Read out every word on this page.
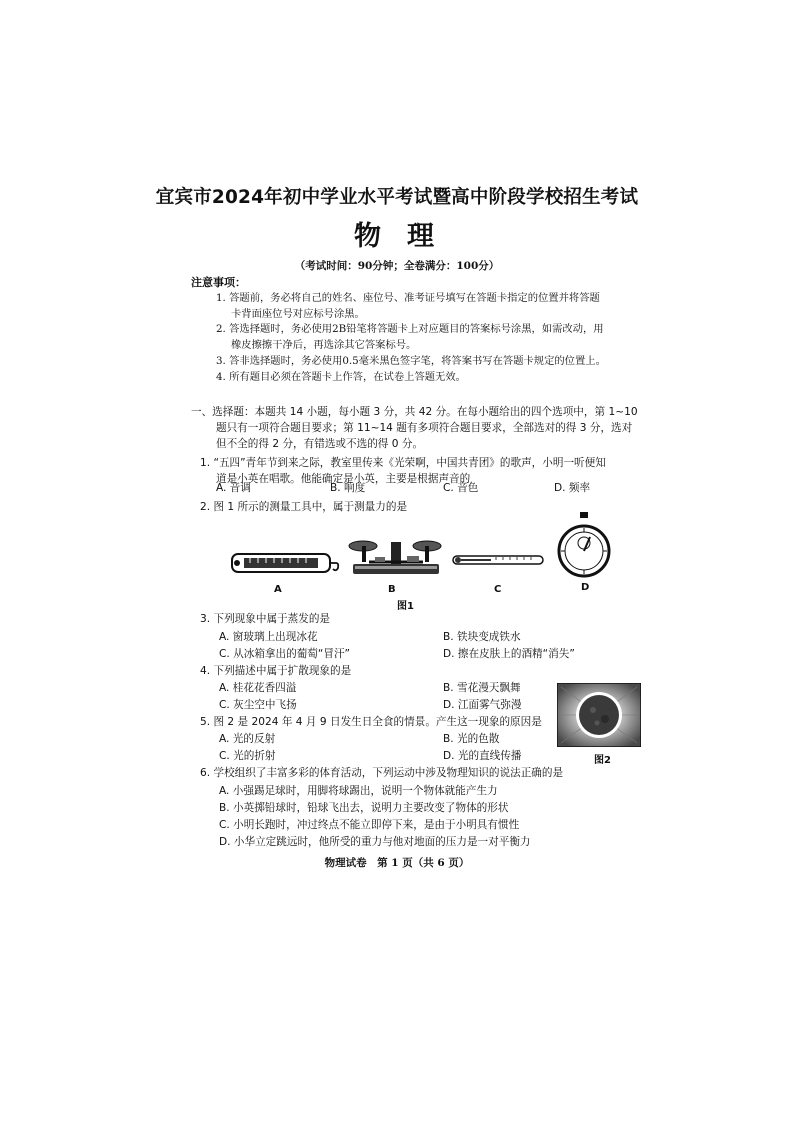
宜宾市2024年初中学业水平考试暨高中阶段学校招生考试
物理
（考试时间：90分钟；全卷满分：100分）
注意事项：
1. 答题前，务必将自己的姓名、座位号、准考证号填写在答题卡指定的位置并将答题
卡背面座位号对应标号涂黑。
2. 答选择题时，务必使用2B铅笔将答题卡上对应题目的答案标号涂黑，如需改动，用
橡皮擦擦干净后，再选涂其它答案标号。
3. 答非选择题时，务必使用0.5毫米黑色签字笔，将答案书写在答题卡规定的位置上。
4. 所有题目必须在答题卡上作答，在试卷上答题无效。
一、选择题：本题共 14 小题，每小题 3 分，共 42 分。在每小题给出的四个选项中，第 1~10
题只有一项符合题目要求；第 11~14 题有多项符合题目要求，全部选对的得 3 分，选对
但不全的得 2 分，有错选或不选的得 0 分。
1. “五四”青年节到来之际，教室里传来《光荣啊，中国共青团》的歌声，小明一听便知
道是小英在唱歌。他能确定是小英，主要是根据声音的
A. 音调	B. 响度	C. 音色	D. 频率
2. 图 1 所示的测量工具中，属于测量力的是
A	B	C	D
图1
3. 下列现象中属于蒸发的是
A. 窗玻璃上出现冰花	B. 铁块变成铁水
C. 从冰箱拿出的葡萄“冒汗”	D. 擦在皮肤上的酒精“消失”
4. 下列描述中属于扩散现象的是
A. 桂花花香四溢	B. 雪花漫天飘舞
C. 灰尘空中飞扬	D. 江面雾气弥漫
图2
5. 图 2 是 2024 年 4 月 9 日发生日全食的情景。产生这一现象的原因是
A. 光的反射	B. 光的色散
C. 光的折射	D. 光的直线传播
6. 学校组织了丰富多彩的体育活动，下列运动中涉及物理知识的说法正确的是
A. 小强踢足球时，用脚将球踢出，说明一个物体就能产生力
B. 小英掷铅球时，铅球飞出去，说明力主要改变了物体的形状
C. 小明长跑时，冲过终点不能立即停下来，是由于小明具有惯性
D. 小华立定跳远时，他所受的重力与他对地面的压力是一对平衡力
物理试卷　第 1 页（共 6 页）
